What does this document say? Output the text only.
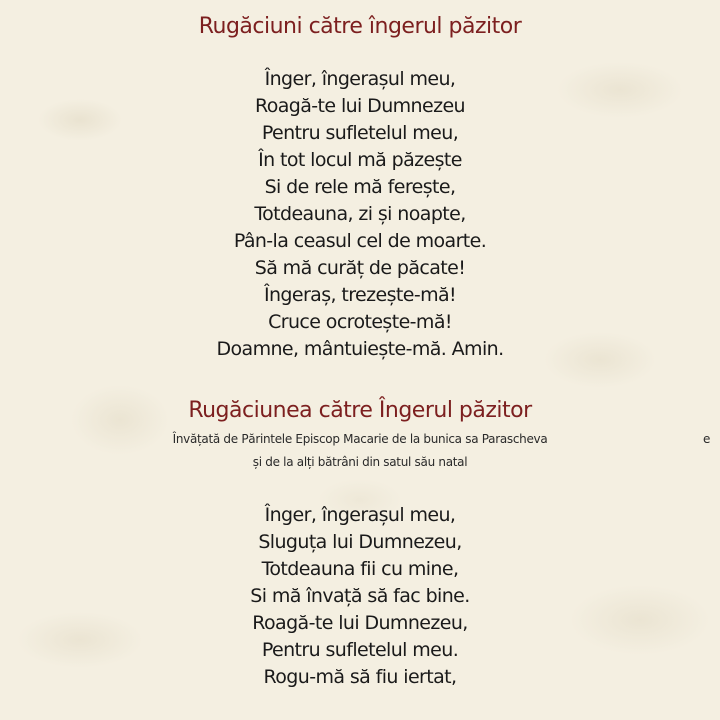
Rugăciuni către îngerul păzitor
Înger, îngerașul meu,
Roagă-te lui Dumnezeu
Pentru sufletelul meu,
În tot locul mă păzește
Si de rele mă ferește,
Totdeauna, zi și noapte,
Pân-la ceasul cel de moarte.
Să mă curăț de păcate!
Îngeraș, trezește-mă!
Cruce ocrotește-mă!
Doamne, mântuiește-mă. Amin.
Rugăciunea către Îngerul păzitor
Învățată de Părintele Episcop Macarie de la bunica sa Parascheva
și de la alți bătrâni din satul său natal
e
Înger, îngerașul meu,
Sluguța lui Dumnezeu,
Totdeauna fii cu mine,
Si mă învață să fac bine.
Roagă-te lui Dumnezeu,
Pentru sufletelul meu.
Rogu-mă să fiu iertat,
